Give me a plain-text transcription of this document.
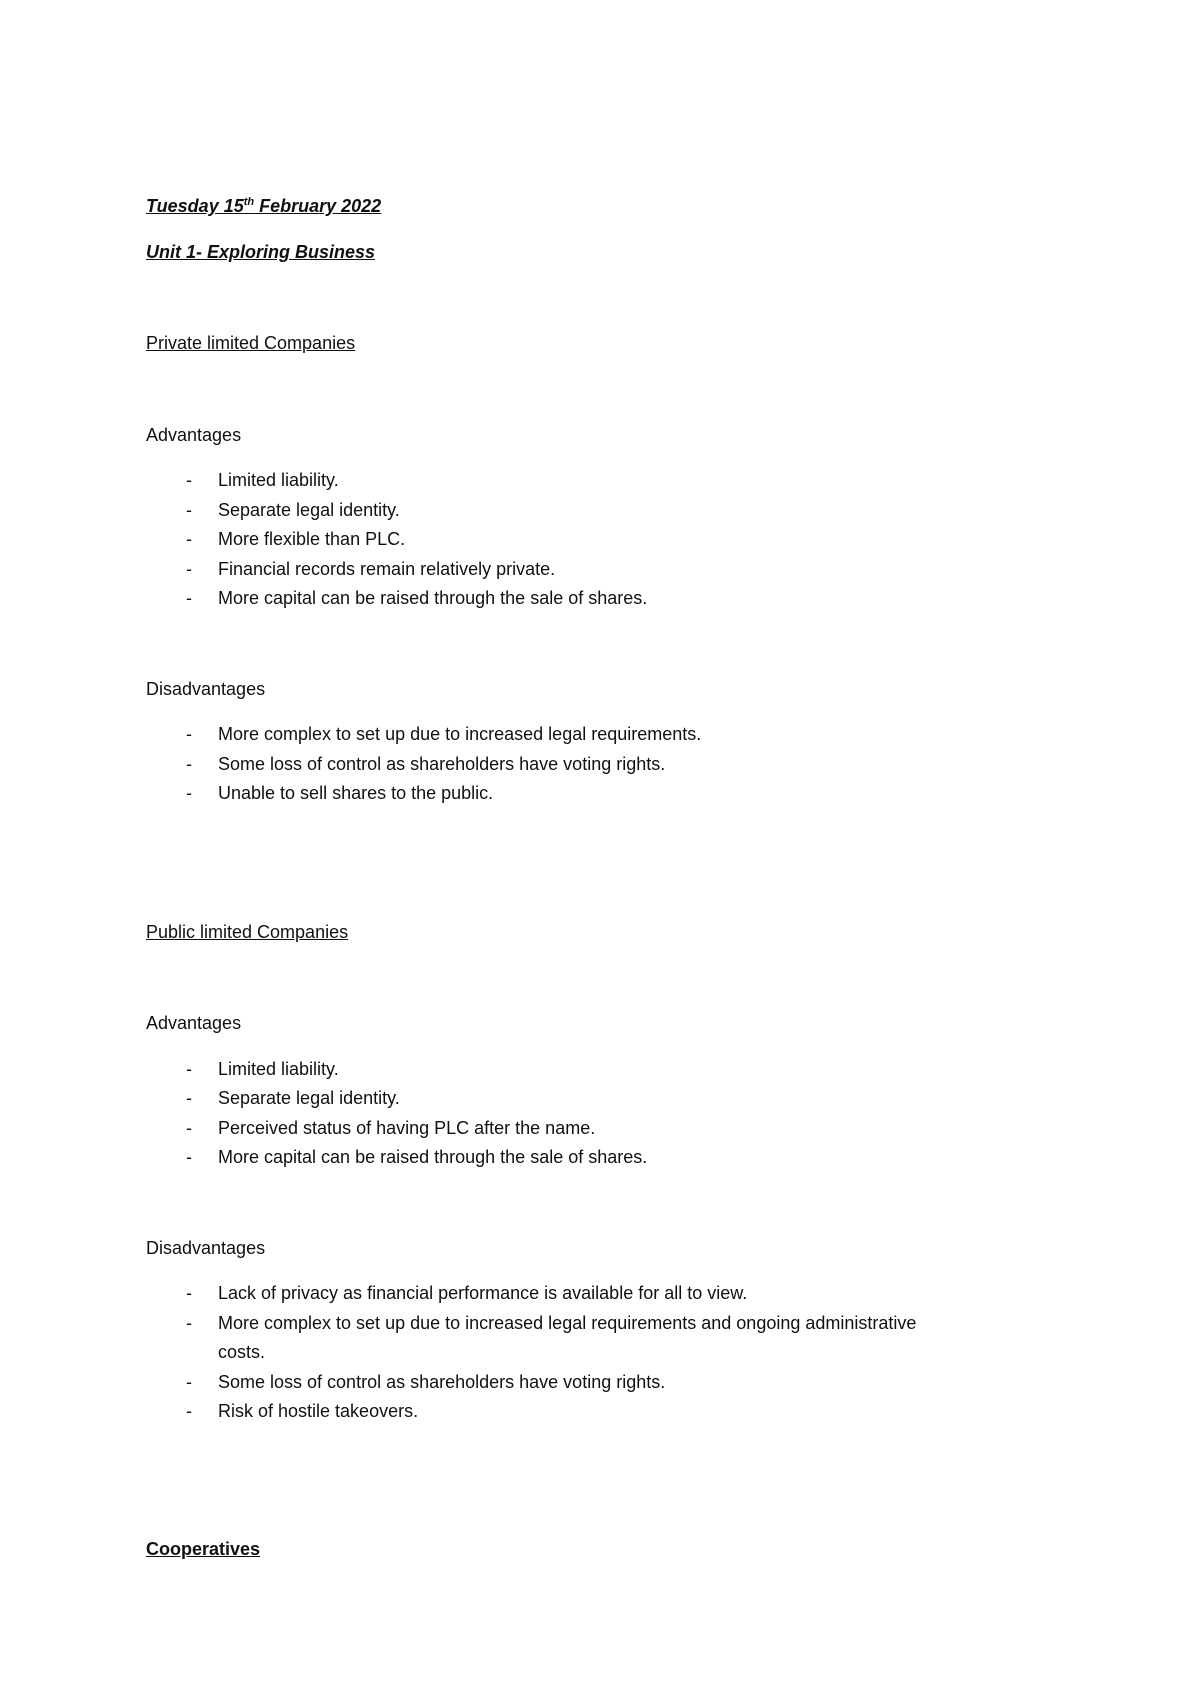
Tuesday 15th February 2022
Unit 1- Exploring Business
Private limited Companies
Advantages
-	Limited liability.
-	Separate legal identity.
-	More flexible than PLC.
-	Financial records remain relatively private.
-	More capital can be raised through the sale of shares.
Disadvantages
-	More complex to set up due to increased legal requirements.
-	Some loss of control as shareholders have voting rights.
-	Unable to sell shares to the public.
Public limited Companies
Advantages
-	Limited liability.
-	Separate legal identity.
-	Perceived status of having PLC after the name.
-	More capital can be raised through the sale of shares.
Disadvantages
-	Lack of privacy as financial performance is available for all to view.
-	More complex to set up due to increased legal requirements and ongoing administrative
costs.
-	Some loss of control as shareholders have voting rights.
-	Risk of hostile takeovers.
Cooperatives
